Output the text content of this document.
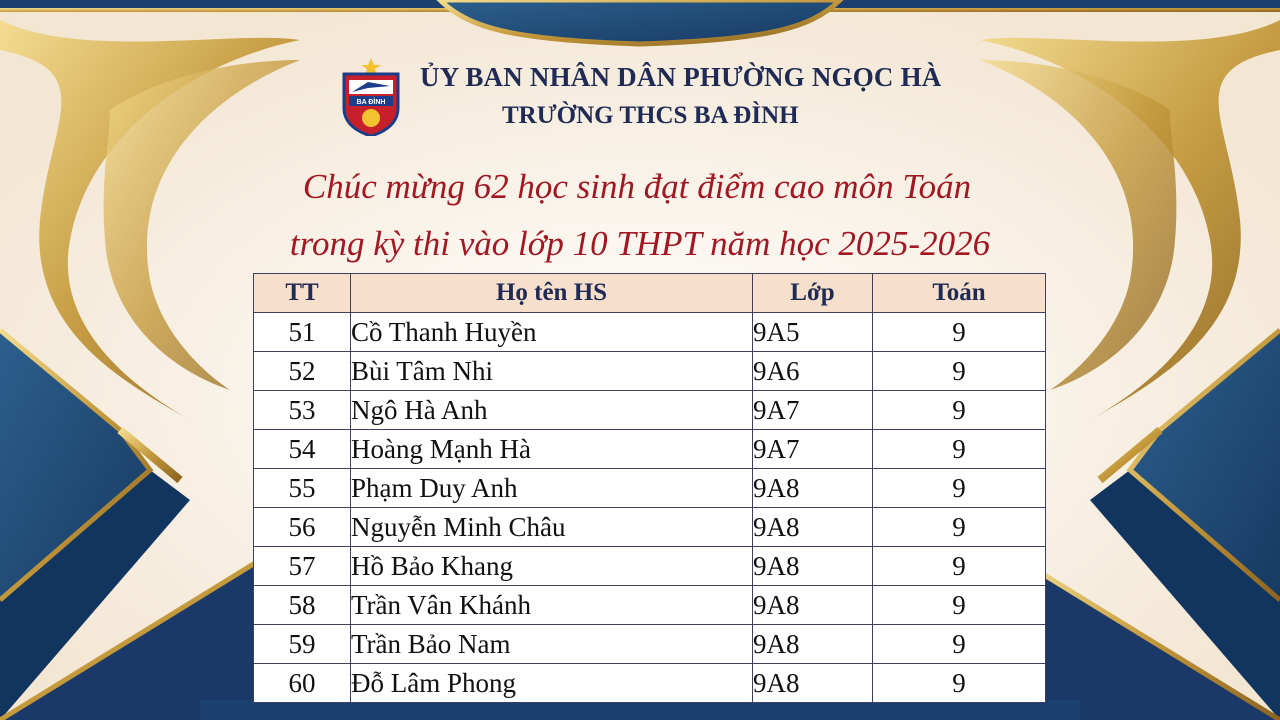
BA ĐÌNH
ỦY BAN NHÂN DÂN PHƯỜNG NGỌC HÀ
TRƯỜNG THCS BA ĐÌNH
Chúc mừng 62 học sinh đạt điểm cao môn Toán
trong kỳ thi vào lớp 10 THPT năm học 2025-2026
TT	Họ tên HS	Lớp	Toán
51	Cồ Thanh Huyền	9A5	9
52	Bùi Tâm Nhi	9A6	9
53	Ngô Hà Anh	9A7	9
54	Hoàng Mạnh Hà	9A7	9
55	Phạm Duy Anh	9A8	9
56	Nguyễn Minh Châu	9A8	9
57	Hồ Bảo Khang	9A8	9
58	Trần Vân Khánh	9A8	9
59	Trần Bảo Nam	9A8	9
60	Đỗ Lâm Phong	9A8	9
